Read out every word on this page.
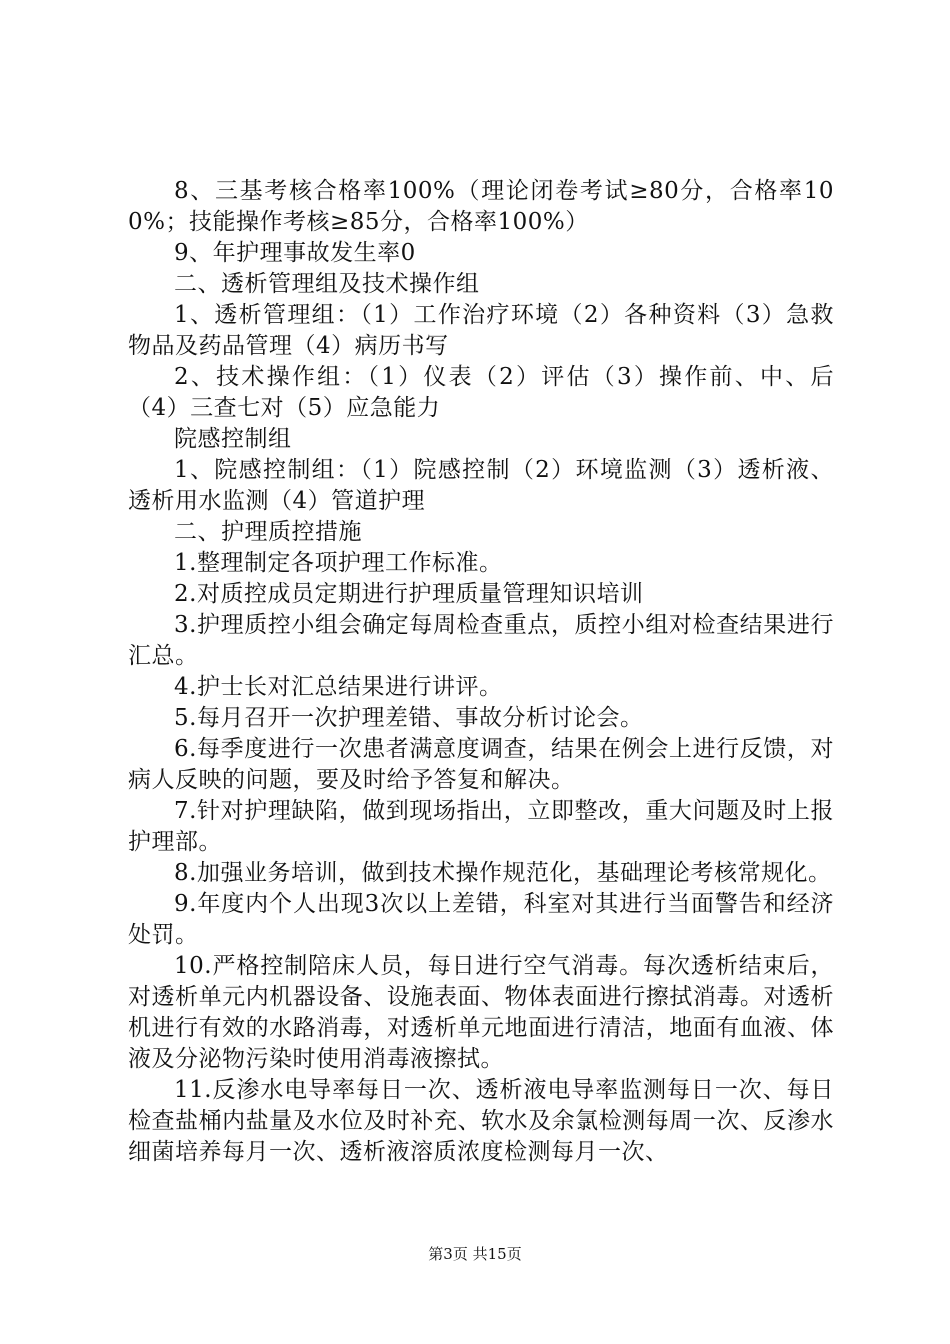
8、三基考核合格率100%（理论闭卷考试≥80分，合格率100%；技能操作考核≥85分，合格率100%）

9、年护理事故发生率0

二、透析管理组及技术操作组

1、透析管理组：（1）工作治疗环境（2）各种资料（3）急救物品及药品管理（4）病历书写

2、技术操作组：（1）仪表（2）评估（3）操作前、中、后（4）三查七对（5）应急能力

院感控制组

1、院感控制组：（1）院感控制（2）环境监测（3）透析液、透析用水监测（4）管道护理

二、护理质控措施

1.整理制定各项护理工作标准。

2.对质控成员定期进行护理质量管理知识培训

3.护理质控小组会确定每周检查重点，质控小组对检查结果进行汇总。

4.护士长对汇总结果进行讲评。

5.每月召开一次护理差错、事故分析讨论会。

6.每季度进行一次患者满意度调查，结果在例会上进行反馈，对病人反映的问题，要及时给予答复和解决。

7.针对护理缺陷，做到现场指出，立即整改，重大问题及时上报护理部。

8.加强业务培训，做到技术操作规范化，基础理论考核常规化。

9.年度内个人出现3次以上差错，科室对其进行当面警告和经济处罚。

10.严格控制陪床人员，每日进行空气消毒。每次透析结束后，对透析单元内机器设备、设施表面、物体表面进行擦拭消毒。对透析机进行有效的水路消毒，对透析单元地面进行清洁，地面有血液、体液及分泌物污染时使用消毒液擦拭。

11.反渗水电导率每日一次、透析液电导率监测每日一次、每日检查盐桶内盐量及水位及时补充、软水及余氯检测每周一次、反渗水细菌培养每月一次、透析液溶质浓度检测每月一次、

第3页 共15页
